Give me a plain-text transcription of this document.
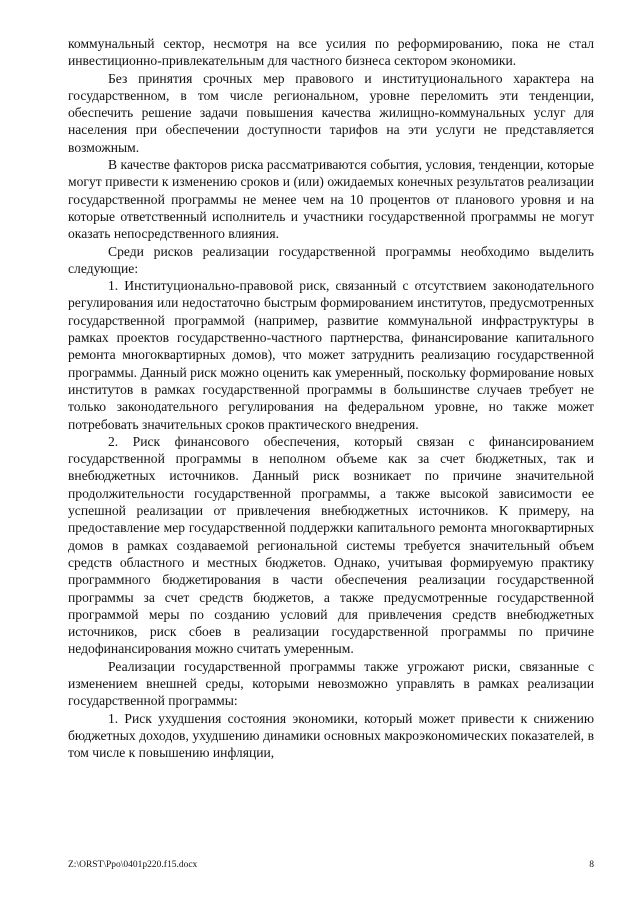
коммунальный сектор, несмотря на все усилия по реформированию, пока не стал инвестиционно-привлекательным для частного бизнеса сектором экономики.

Без принятия срочных мер правового и институционального характера на государственном, в том числе региональном, уровне переломить эти тенденции, обеспечить решение задачи повышения качества жилищно-коммунальных услуг для населения при обеспечении доступности тарифов на эти услуги не представляется возможным.

В качестве факторов риска рассматриваются события, условия, тенденции, которые могут привести к изменению сроков и (или) ожидаемых конечных результатов реализации государственной программы не менее чем на 10 процентов от планового уровня и на которые ответственный исполнитель и участники государственной программы не могут оказать непосредственного влияния.

Среди рисков реализации государственной программы необходимо выделить следующие:

1. Институционально-правовой риск, связанный с отсутствием законодательного регулирования или недостаточно быстрым формированием институтов, предусмотренных государственной программой (например, развитие коммунальной инфраструктуры в рамках проектов государственно-частного партнерства, финансирование капитального ремонта многоквартирных домов), что может затруднить реализацию государственной программы. Данный риск можно оценить как умеренный, поскольку формирование новых институтов в рамках государственной программы в большинстве случаев требует не только законодательного регулирования на федеральном уровне, но также может потребовать значительных сроков практического внедрения.

2. Риск финансового обеспечения, который связан с финансированием государственной программы в неполном объеме как за счет бюджетных, так и внебюджетных источников. Данный риск возникает по причине значительной продолжительности государственной программы, а также высокой зависимости ее успешной реализации от привлечения внебюджетных источников. К примеру, на предоставление мер государственной поддержки капитального ремонта многоквартирных домов в рамках создаваемой региональной системы требуется значительный объем средств областного и местных бюджетов. Однако, учитывая формируемую практику программного бюджетирования в части обеспечения реализации государственной программы за счет средств бюджетов, а также предусмотренные государственной программой меры по созданию условий для привлечения средств внебюджетных источников, риск сбоев в реализации государственной программы по причине недофинансирования можно считать умеренным.

Реализации государственной программы также угрожают риски, связанные с изменением внешней среды, которыми невозможно управлять в рамках реализации государственной программы:

1. Риск ухудшения состояния экономики, который может привести к снижению бюджетных доходов, ухудшению динамики основных макроэкономических показателей, в том числе к повышению инфляции,

Z:\ORST\Ppo\0401p220.f15.docx	8
